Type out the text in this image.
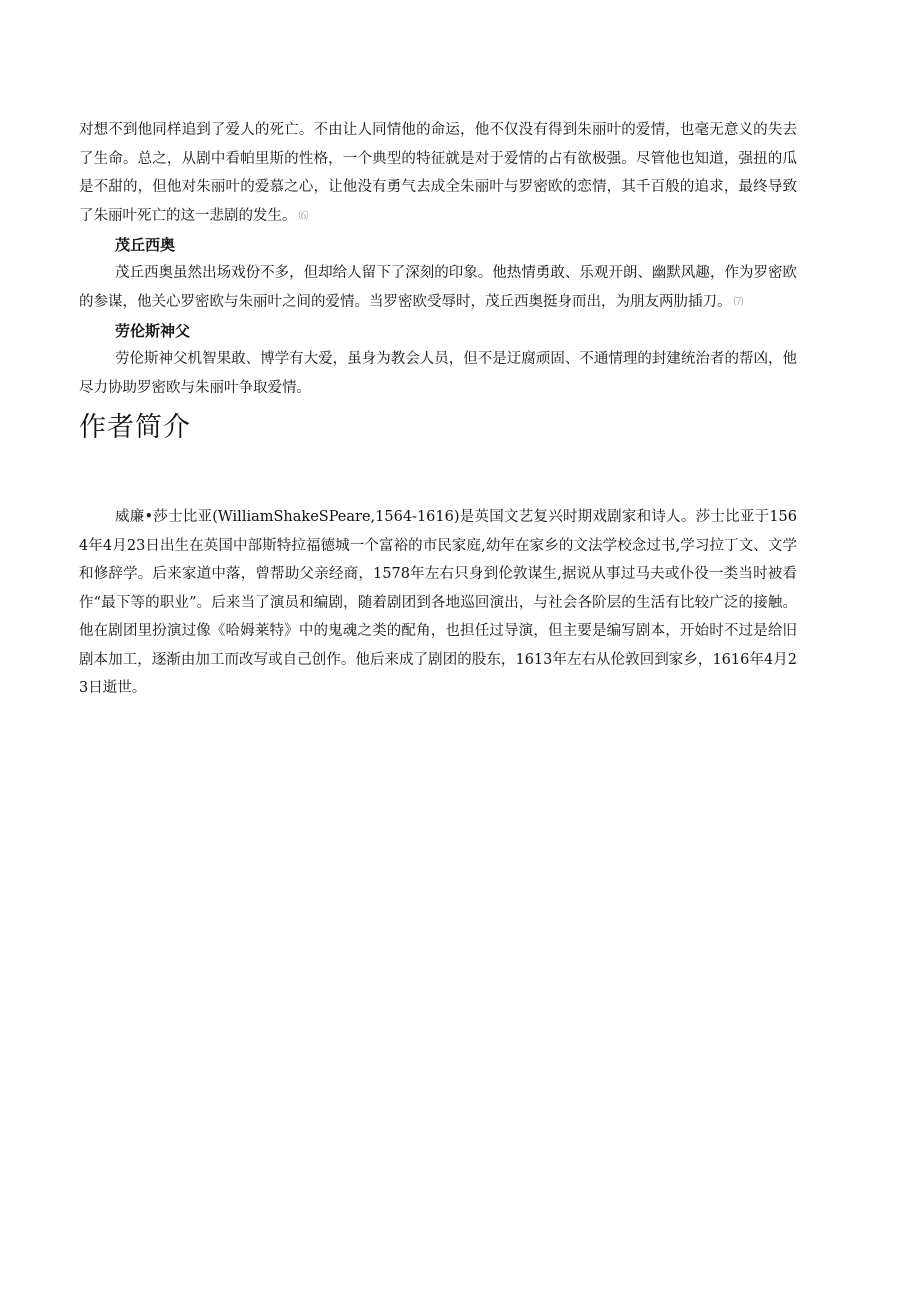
对想不到他同样追到了爱人的死亡。不由让人同情他的命运，他不仅没有得到朱丽叶的爱情，也毫无意义的失去了生命。总之，从剧中看帕里斯的性格，一个典型的特征就是对于爱情的占有欲极强。尽管他也知道，强扭的瓜是不甜的，但他对朱丽叶的爱慕之心，让他没有勇气去成全朱丽叶与罗密欧的恋情，其千百般的追求，最终导致了朱丽叶死亡的这一悲剧的发生。 ⑹

茂丘西奥

茂丘西奥虽然出场戏份不多，但却给人留下了深刻的印象。他热情勇敢、乐观开朗、幽默风趣，作为罗密欧的参谋，他关心罗密欧与朱丽叶之间的爱情。当罗密欧受辱时，茂丘西奥挺身而出，为朋友两肋插刀。 ⑺

劳伦斯神父

劳伦斯神父机智果敢、博学有大爱，虽身为教会人员，但不是迂腐顽固、不通情理的封建统治者的帮凶，他尽力协助罗密欧与朱丽叶争取爱情。

作者简介

威廉•莎士比亚(WilliamShakeSPeare,1564-1616)是英国文艺复兴时期戏剧家和诗人。莎士比亚于1564年4月23日出生在英国中部斯特拉福德城一个富裕的市民家庭,幼年在家乡的文法学校念过书,学习拉丁文、文学和修辞学。后来家道中落，曾帮助父亲经商，1578年左右只身到伦敦谋生,据说从事过马夫或仆役一类当时被看作“最下等的职业”。后来当了演员和编剧，随着剧团到各地巡回演出，与社会各阶层的生活有比较广泛的接触。他在剧团里扮演过像《哈姆莱特》中的鬼魂之类的配角，也担任过导演，但主要是编写剧本，开始时不过是给旧剧本加工，逐渐由加工而改写或自己创作。他后来成了剧团的股东，1613年左右从伦敦回到家乡，1616年4月23日逝世。
